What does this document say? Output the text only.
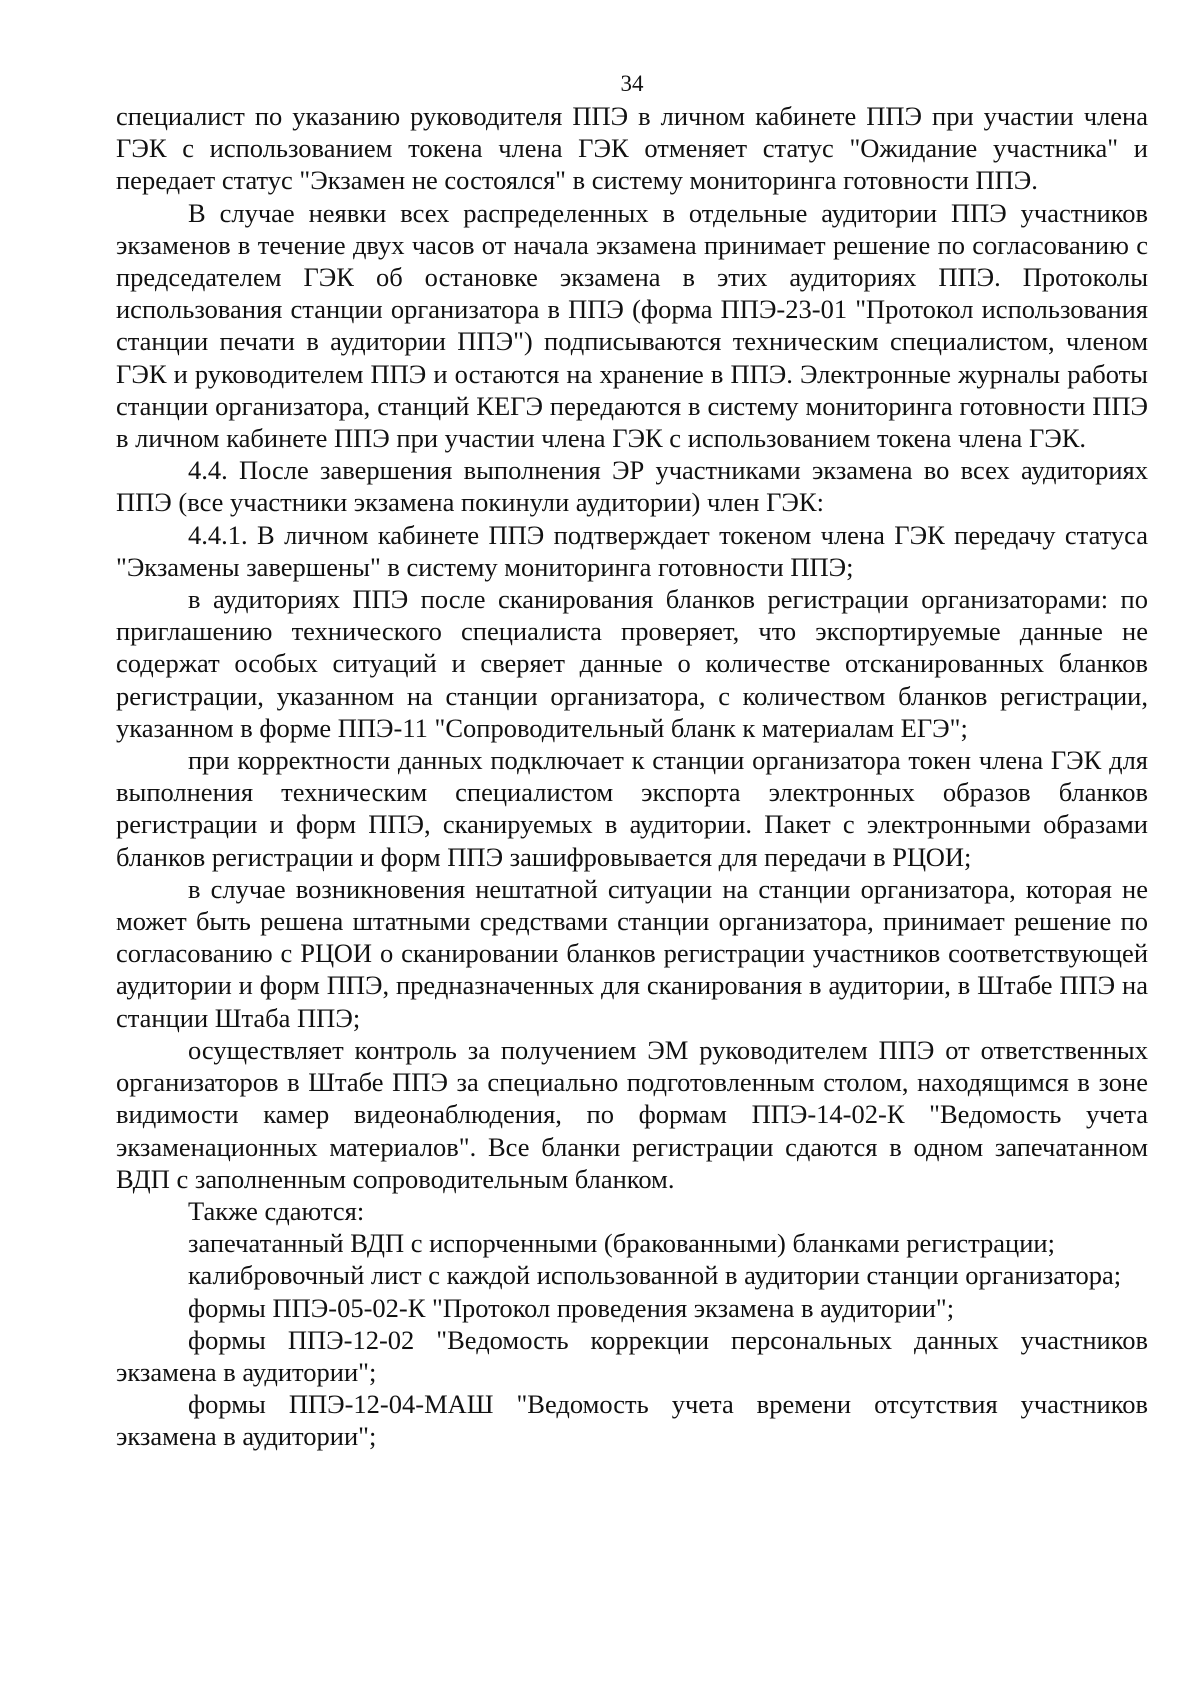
34

специалист по указанию руководителя ППЭ в личном кабинете ППЭ при участии члена ГЭК с использованием токена члена ГЭК отменяет статус "Ожидание участника" и передает статус "Экзамен не состоялся" в систему мониторинга готовности ППЭ.

В случае неявки всех распределенных в отдельные аудитории ППЭ участников экзаменов в течение двух часов от начала экзамена принимает решение по согласованию с председателем ГЭК об остановке экзамена в этих аудиториях ППЭ. Протоколы использования станции организатора в ППЭ (форма ППЭ-23-01 "Протокол использования станции печати в аудитории ППЭ") подписываются техническим специалистом, членом ГЭК и руководителем ППЭ и остаются на хранение в ППЭ. Электронные журналы работы станции организатора, станций КЕГЭ передаются в систему мониторинга готовности ППЭ в личном кабинете ППЭ при участии члена ГЭК с использованием токена члена ГЭК.

4.4. После завершения выполнения ЭР участниками экзамена во всех аудиториях ППЭ (все участники экзамена покинули аудитории) член ГЭК:

4.4.1. В личном кабинете ППЭ подтверждает токеном члена ГЭК передачу статуса "Экзамены завершены" в систему мониторинга готовности ППЭ;

в аудиториях ППЭ после сканирования бланков регистрации организаторами: по приглашению технического специалиста проверяет, что экспортируемые данные не содержат особых ситуаций и сверяет данные о количестве отсканированных бланков регистрации, указанном на станции организатора, с количеством бланков регистрации, указанном в форме ППЭ-11 "Сопроводительный бланк к материалам ЕГЭ";

при корректности данных подключает к станции организатора токен члена ГЭК для выполнения техническим специалистом экспорта электронных образов бланков регистрации и форм ППЭ, сканируемых в аудитории. Пакет с электронными образами бланков регистрации и форм ППЭ зашифровывается для передачи в РЦОИ;

в случае возникновения нештатной ситуации на станции организатора, которая не может быть решена штатными средствами станции организатора, принимает решение по согласованию с РЦОИ о сканировании бланков регистрации участников соответствующей аудитории и форм ППЭ, предназначенных для сканирования в аудитории, в Штабе ППЭ на станции Штаба ППЭ;

осуществляет контроль за получением ЭМ руководителем ППЭ от ответственных организаторов в Штабе ППЭ за специально подготовленным столом, находящимся в зоне видимости камер видеонаблюдения, по формам ППЭ-14-02-К "Ведомость учета экзаменационных материалов". Все бланки регистрации сдаются в одном запечатанном ВДП с заполненным сопроводительным бланком.

Также сдаются:

запечатанный ВДП с испорченными (бракованными) бланками регистрации;

калибровочный лист с каждой использованной в аудитории станции организатора;

формы ППЭ-05-02-К "Протокол проведения экзамена в аудитории";

формы ППЭ-12-02 "Ведомость коррекции персональных данных участников экзамена в аудитории";

формы ППЭ-12-04-МАШ "Ведомость учета времени отсутствия участников экзамена в аудитории";
